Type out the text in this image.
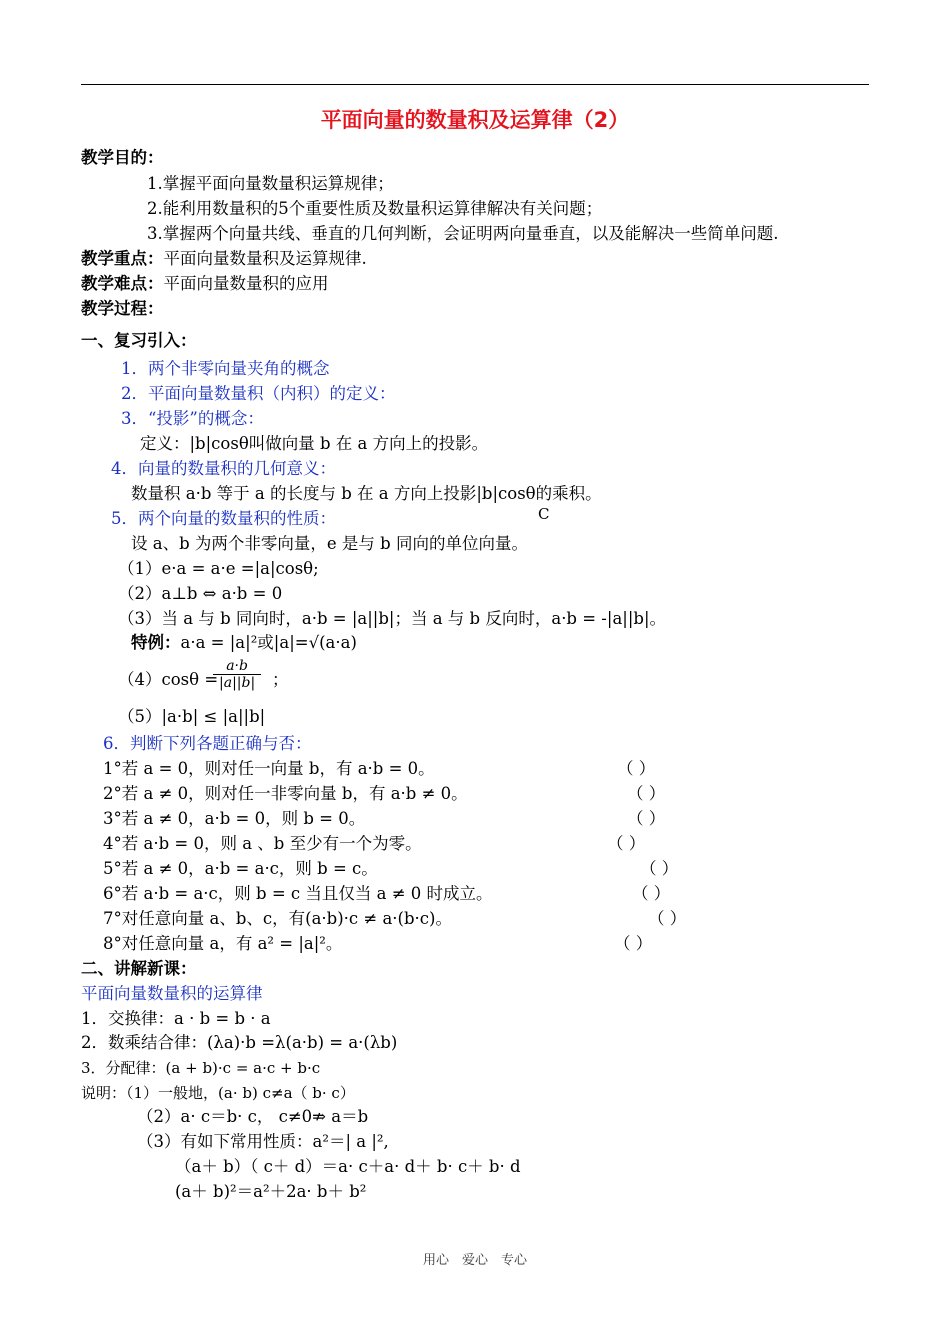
平面向量的数量积及运算律（2）
教学目的：
1.掌握平面向量数量积运算规律；
2.能利用数量积的5个重要性质及数量积运算律解决有关问题；
3.掌握两个向量共线、垂直的几何判断，会证明两向量垂直，以及能解决一些简单问题.
教学重点：平面向量数量积及运算规律.
教学难点：平面向量数量积的应用
教学过程：
一、复习引入：
1．两个非零向量夹角的概念
2．平面向量数量积（内积）的定义：
3．“投影”的概念：
定义：|b|cosθ叫做向量 b 在 a 方向上的投影。
4．向量的数量积的几何意义：
数量积 a·b 等于 a 的长度与 b 在 a 方向上投影|b|cosθ的乘积。
5．两个向量的数量积的性质：	C
设 a、b 为两个非零向量，e 是与 b 同向的单位向量。
（1）e·a = a·e =|a|cosθ;
（2）a⊥b ⇔ a·b = 0
（3）当 a 与 b 同向时，a·b = |a||b|；当 a 与 b 反向时，a·b = -|a||b|。
特例：a·a = |a|²或|a|=√(a·a)
（4）cosθ =
$\frac{a\cdot b}{|a||b|}$ ；
（5）|a·b| ≤ |a||b|
6．判断下列各题正确与否：
1°若 a = 0，则对任一向量 b，有 a·b = 0。	（ ）
2°若 a ≠ 0，则对任一非零向量 b，有 a·b ≠ 0。	（ ）
3°若 a ≠ 0，a·b = 0，则 b = 0。	（ ）
4°若 a·b = 0，则 a 、b 至少有一个为零。	（ ）
5°若 a ≠ 0，a·b = a·c，则 b = c。	（ ）
6°若 a·b = a·c，则 b = c 当且仅当 a ≠ 0 时成立。	（ ）
7°对任意向量 a、b、c，有(a·b)·c ≠ a·(b·c)。	（ ）
8°对任意向量 a，有 a² = |a|²。	（ ）
二、讲解新课：
平面向量数量积的运算律
1．交换律：a · b = b · a
2．数乘结合律：(λa)·b =λ(a·b) = a·(λb)
3．分配律：(a + b)·c = a·c + b·c
说明：（1）一般地，(a· b) c≠a（ b· c）
（2）a· c＝b· c， c≠0⇏ a＝b
（3）有如下常用性质：a²＝| a |²,
（a＋ b）（ c＋ d）＝a· c＋a· d＋ b· c＋ b· d
(a＋ b)²＝a²＋2a· b＋ b²
用心　爱心　专心
